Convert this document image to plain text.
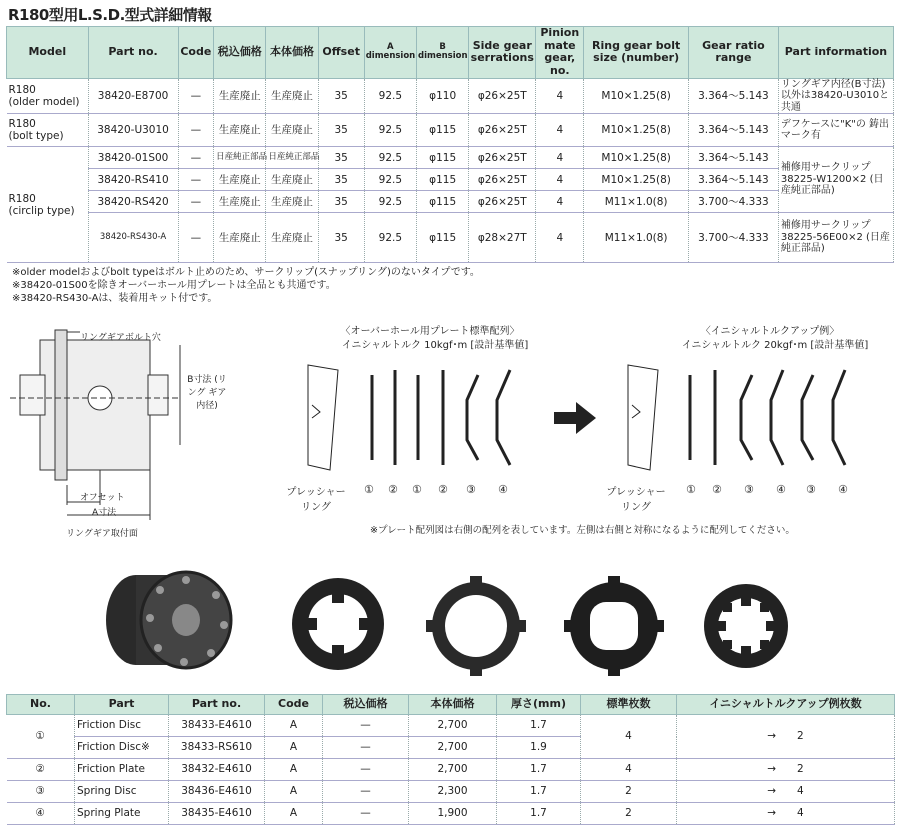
R180型用L.S.D.型式詳細情報
Model	Part no.	Code	税込価格	本体価格	Offset	A dimension	B dimension	Side gear serrations	Pinion mate gear, no.	Ring gear bolt size (number)	Gear ratio range	Part information
R180
(older model)	38420-E8700	—	生産廃止	生産廃止	35	92.5	φ110	φ26×25T	4	M10×1.25(8)	3.364～5.143	リングギア内径(B寸法) 以外は38420-U3010と共通
R180
(bolt type)	38420-U3010	—	生産廃止	生産廃止	35	92.5	φ115	φ26×25T	4	M10×1.25(8)	3.364～5.143	デフケースに"K"の 鋳出マーク有
R180
(circlip type)	38420-01S00	—	日産純正部品	日産純正部品	35	92.5	φ115	φ26×25T	4	M10×1.25(8)	3.364～5.143	補修用サークリップ 38225-W1200×2 (日産純正部品)
	38420-RS410	—	生産廃止	生産廃止	35	92.5	φ115	φ26×25T	4	M10×1.25(8)	3.364～5.143	
	38420-RS420	—	生産廃止	生産廃止	35	92.5	φ115	φ26×25T	4	M11×1.0(8)	3.700～4.333	
	38420-RS430-A	—	生産廃止	生産廃止	35	92.5	φ115	φ28×27T	4	M11×1.0(8)	3.700～4.333	補修用サークリップ 38225-56E00×2 (日産純正部品)
※older modelおよびbolt typeはボルト止めのため、サークリップ(スナップリング)のないタイプです。
※38420-01S00を除きオーバーホール用プレートは全品とも共通です。
※38420-RS430-Aは、装着用キット付です。
リングギアボルト穴
B寸法 (リング ギア内径)
オフセット
A寸法
リングギア取付面
〈オーバーホール用プレート標準配列〉
イニシャルトルク 10kgf･m [設計基準値]
プレッシャー リング
① ② ① ② ③ ④
〈イニシャルトルクアップ例〉
イニシャルトルク 20kgf･m [設計基準値]
プレッシャー リング
① ② ③ ④ ③ ④
※プレート配列図は右側の配列を表しています。左側は右側と対称になるように配列してください。
No.	Part	Part no.	Code	税込価格	本体価格	厚さ(mm)	標準枚数	イニシャルトルクアップ例枚数
①	Friction Disc	38433-E4610	A	—	2,700	1.7	4	→　　2
	Friction Disc※	38433-RS610	A	—	2,700	1.9		
②	Friction Plate	38432-E4610	A	—	2,700	1.7	4	→　　2
③	Spring Disc	38436-E4610	A	—	2,300	1.7	2	→　　4
④	Spring Plate	38435-E4610	A	—	1,900	1.7	2	→　　4
